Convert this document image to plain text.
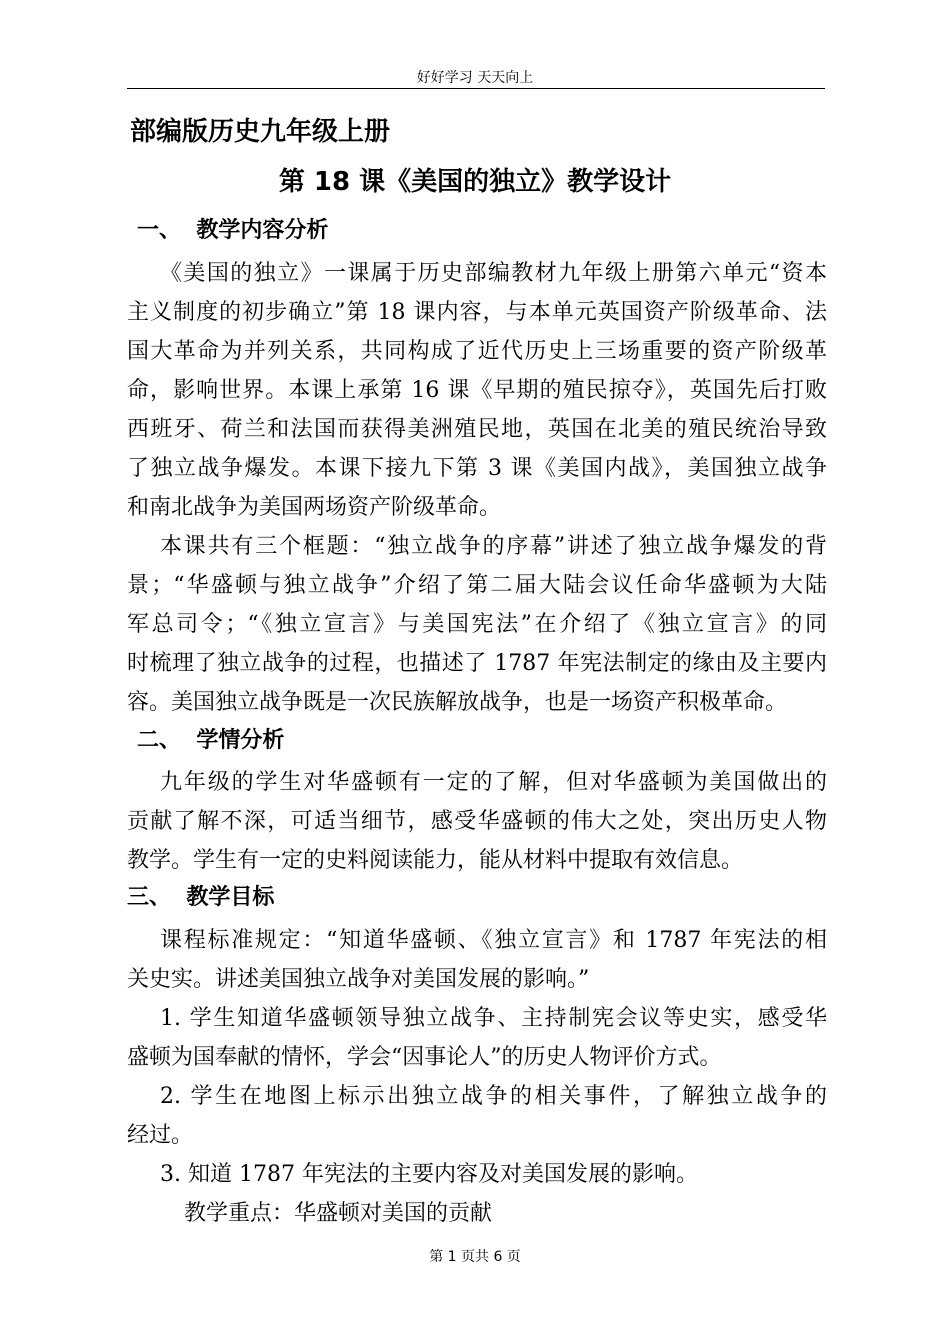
好好学习 天天向上
部编版历史九年级上册
第 18 课《美国的独立》教学设计
一、  教学内容分析
《美国的独立》一课属于历史部编教材九年级上册第六单元“资本
主义制度的初步确立”第 18 课内容，与本单元英国资产阶级革命、法
国大革命为并列关系，共同构成了近代历史上三场重要的资产阶级革
命，影响世界。本课上承第 16 课《早期的殖民掠夺》，英国先后打败
西班牙、荷兰和法国而获得美洲殖民地，英国在北美的殖民统治导致
了独立战争爆发。本课下接九下第 3 课《美国内战》，美国独立战争
和南北战争为美国两场资产阶级革命。
本课共有三个框题：“独立战争的序幕”讲述了独立战争爆发的背
景；“华盛顿与独立战争”介绍了第二届大陆会议任命华盛顿为大陆
军总司令；“《独立宣言》与美国宪法”在介绍了《独立宣言》的同
时梳理了独立战争的过程，也描述了 1787 年宪法制定的缘由及主要内
容。美国独立战争既是一次民族解放战争，也是一场资产积极革命。
二、  学情分析
九年级的学生对华盛顿有一定的了解，但对华盛顿为美国做出的
贡献了解不深，可适当细节，感受华盛顿的伟大之处，突出历史人物
教学。学生有一定的史料阅读能力，能从材料中提取有效信息。
三、  教学目标
课程标准规定：“知道华盛顿、《独立宣言》和 1787 年宪法的相
关史实。讲述美国独立战争对美国发展的影响。”
1. 学生知道华盛顿领导独立战争、主持制宪会议等史实，感受华
盛顿为国奉献的情怀，学会“因事论人”的历史人物评价方式。
2. 学生在地图上标示出独立战争的相关事件，了解独立战争的
经过。
3. 知道 1787 年宪法的主要内容及对美国发展的影响。
教学重点：华盛顿对美国的贡献
第 1 页共 6 页
